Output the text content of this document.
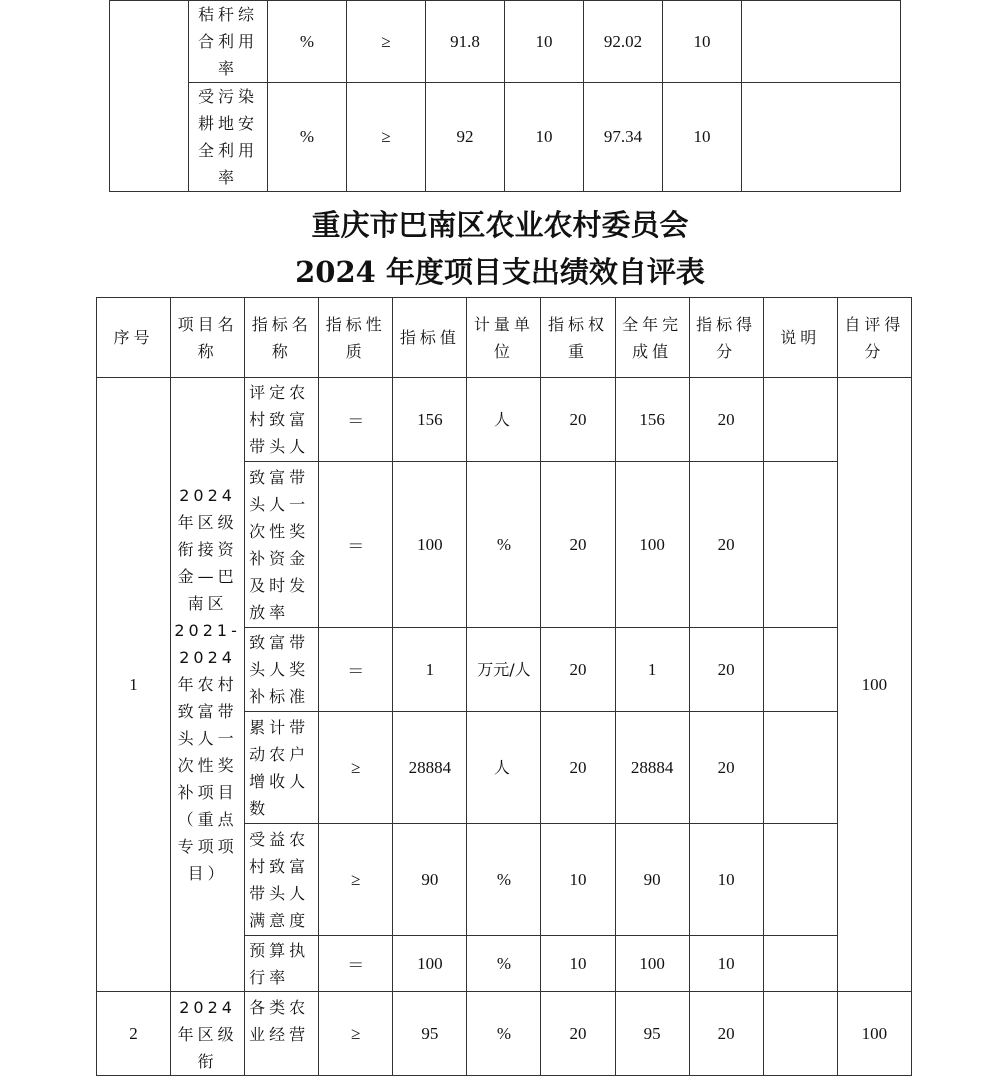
	秸秆综合利用率	%	≥	91.8	10	92.02	10	
	受污染耕地安全利用率	%	≥	92	10	97.34	10	
重庆市巴南区农业农村委员会
2024 年度项目支出绩效自评表
序号	项目名称	指标名称	指标性质	指标值	计量单位	指标权重	全年完成值	指标得分	说明	自评得分
1	2024 年区级衔接资金—巴南区 2021-2024 年农村致富带头人一次性奖补项目（重点专项项目）	评定农村致富带头人	＝	156	人	20	156	20		100
		致富带头人一次性奖补资金及时发放率	＝	100	%	20	100	20		
		致富带头人奖补标准	＝	1	万元/人	20	1	20		
		累计带动农户增收人数	≥	28884	人	20	28884	20		
		受益农村致富带头人满意度	≥	90	%	10	90	10		
		预算执行率	＝	100	%	10	100	10		
2	2024 年区级衔	各类农业经营	≥	95	%	20	95	20		100
